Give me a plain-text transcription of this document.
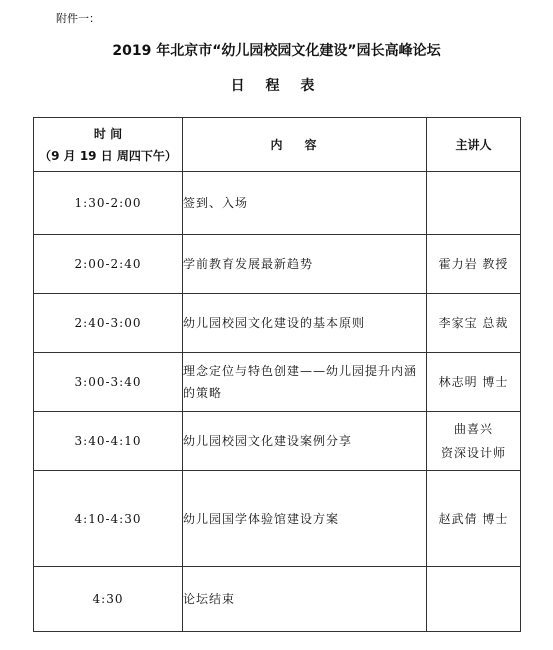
附件一：
2019 年北京市“幼儿园校园文化建设”园长高峰论坛
日 程 表
时 间
（9 月 19 日 周四下午）	内容	主讲人
1:30-2:00	签到、入场	
2:00-2:40	学前教育发展最新趋势	霍力岩 教授

2:40-3:00	幼儿园校园文化建设的基本原则	李家宝 总裁

3:00-3:40	理念定位与特色创建——幼儿园提升内涵的策略	林志明 博士

3:40-4:10	幼儿园校园文化建设案例分享	曲喜兴
资深设计师

4:10-4:30	幼儿园国学体验馆建设方案	赵武倩 博士

4:30	论坛结束	
